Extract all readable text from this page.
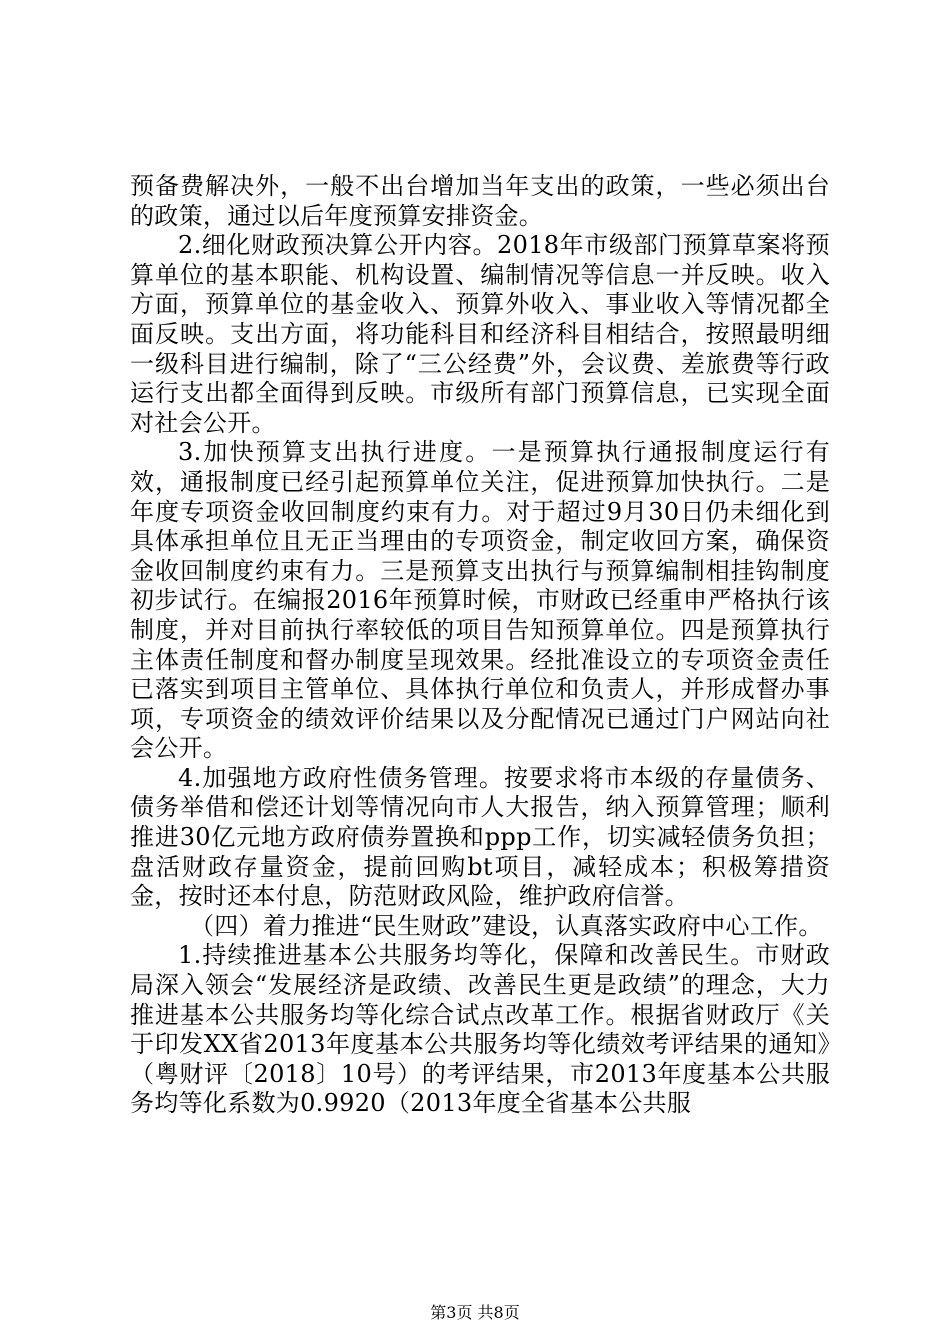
预备费解决外，一般不出台增加当年支出的政策，一些必须出台的政策，通过以后年度预算安排资金。

2.细化财政预决算公开内容。2018年市级部门预算草案将预算单位的基本职能、机构设置、编制情况等信息一并反映。收入方面，预算单位的基金收入、预算外收入、事业收入等情况都全面反映。支出方面，将功能科目和经济科目相结合，按照最明细一级科目进行编制，除了“三公经费”外，会议费、差旅费等行政运行支出都全面得到反映。市级所有部门预算信息，已实现全面对社会公开。

3.加快预算支出执行进度。一是预算执行通报制度运行有效，通报制度已经引起预算单位关注，促进预算加快执行。二是年度专项资金收回制度约束有力。对于超过9月30日仍未细化到具体承担单位且无正当理由的专项资金，制定收回方案，确保资金收回制度约束有力。三是预算支出执行与预算编制相挂钩制度初步试行。在编报2016年预算时候，市财政已经重申严格执行该制度，并对目前执行率较低的项目告知预算单位。四是预算执行主体责任制度和督办制度呈现效果。经批准设立的专项资金责任已落实到项目主管单位、具体执行单位和负责人，并形成督办事项，专项资金的绩效评价结果以及分配情况已通过门户网站向社会公开。

4.加强地方政府性债务管理。按要求将市本级的存量债务、债务举借和偿还计划等情况向市人大报告，纳入预算管理；顺利推进30亿元地方政府债券置换和ppp工作，切实减轻债务负担；盘活财政存量资金，提前回购bt项目，减轻成本；积极筹措资金，按时还本付息，防范财政风险，维护政府信誉。

（四）着力推进“民生财政”建设，认真落实政府中心工作。

1.持续推进基本公共服务均等化，保障和改善民生。市财政局深入领会“发展经济是政绩、改善民生更是政绩”的理念，大力推进基本公共服务均等化综合试点改革工作。根据省财政厅《关于印发XX省2013年度基本公共服务均等化绩效考评结果的通知》（粤财评〔2018〕10号）的考评结果，市2013年度基本公共服务均等化系数为0.9920（2013年度全省基本公共服

第3页 共8页
